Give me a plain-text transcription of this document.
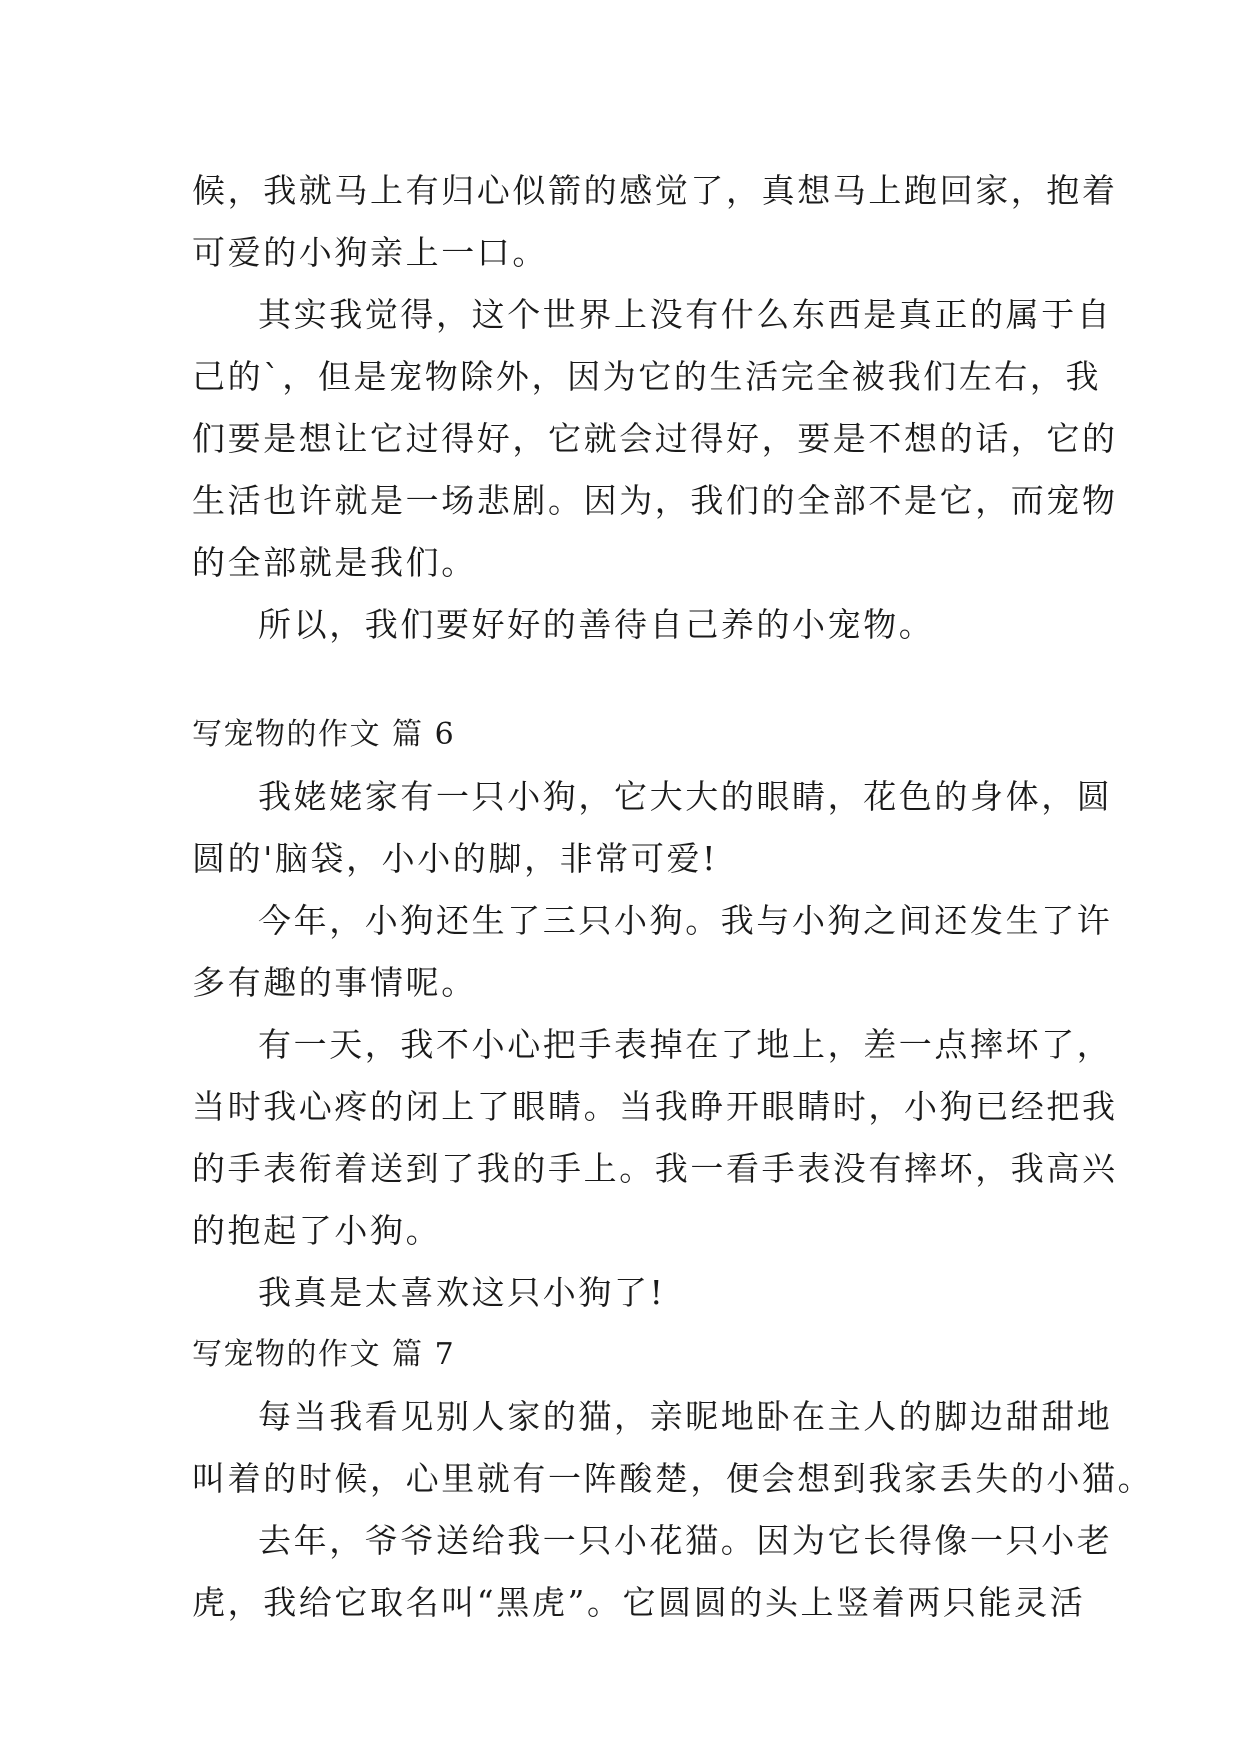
候，我就马上有归心似箭的感觉了，真想马上跑回家，抱着
可爱的小狗亲上一口。
其实我觉得，这个世界上没有什么东西是真正的属于自
己的`，但是宠物除外，因为它的生活完全被我们左右，我
们要是想让它过得好，它就会过得好，要是不想的话，它的
生活也许就是一场悲剧。因为，我们的全部不是它，而宠物
的全部就是我们。
所以，我们要好好的善待自己养的小宠物。
写宠物的作文 篇 6
我姥姥家有一只小狗，它大大的眼睛，花色的身体，圆
圆的'脑袋，小小的脚，非常可爱!
今年，小狗还生了三只小狗。我与小狗之间还发生了许
多有趣的事情呢。
有一天，我不小心把手表掉在了地上，差一点摔坏了，
当时我心疼的闭上了眼睛。当我睁开眼睛时，小狗已经把我
的手表衔着送到了我的手上。我一看手表没有摔坏，我高兴
的抱起了小狗。
我真是太喜欢这只小狗了!
写宠物的作文 篇 7
每当我看见别人家的猫，亲昵地卧在主人的脚边甜甜地
叫着的时候，心里就有一阵酸楚，便会想到我家丢失的小猫。
去年，爷爷送给我一只小花猫。因为它长得像一只小老
虎，我给它取名叫“黑虎”。它圆圆的头上竖着两只能灵活
